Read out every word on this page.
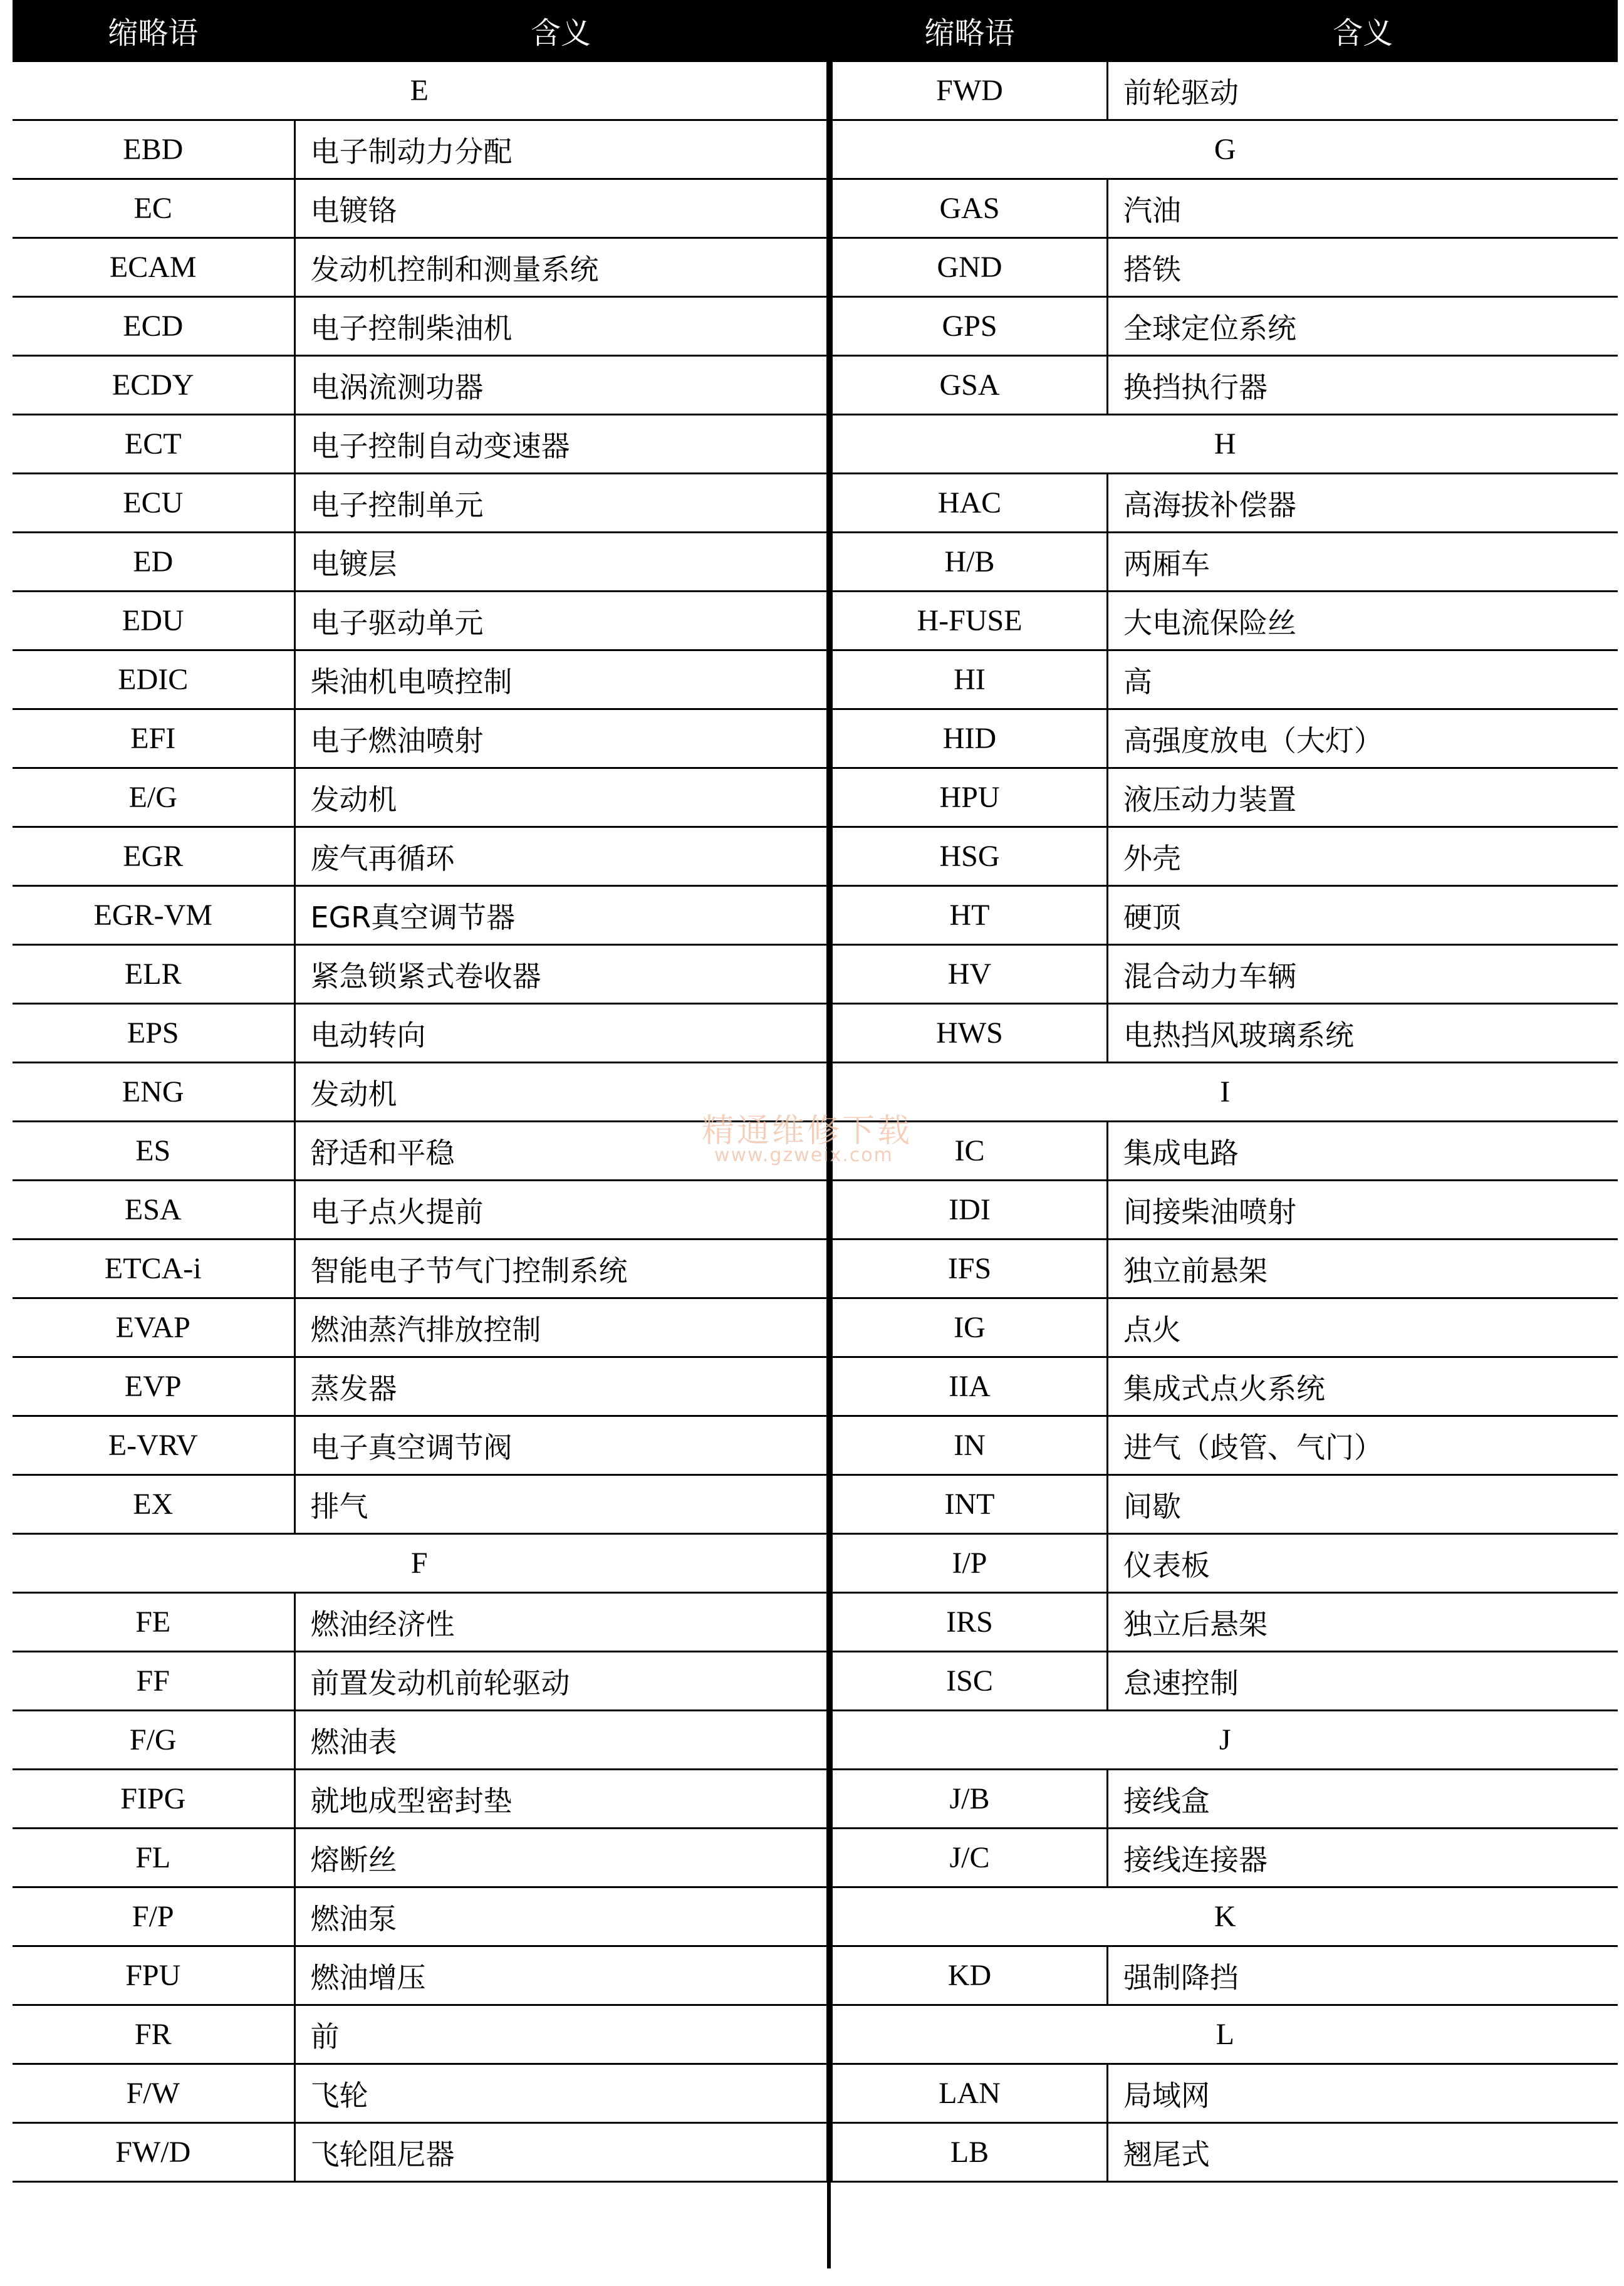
缩略语	含义
E	
EBD	电子制动力分配
EC	电镀铬
ECAM	发动机控制和测量系统
ECD	电子控制柴油机
ECDY	电涡流测功器
ECT	电子控制自动变速器
ECU	电子控制单元
ED	电镀层
EDU	电子驱动单元
EDIC	柴油机电喷控制
EFI	电子燃油喷射
E/G	发动机
EGR	废气再循环
EGR-VM	EGR真空调节器
ELR	紧急锁紧式卷收器
EPS	电动转向
ENG	发动机
ES	舒适和平稳
ESA	电子点火提前
ETCA-i	智能电子节气门控制系统
EVAP	燃油蒸汽排放控制
EVP	蒸发器
E-VRV	电子真空调节阀
EX	排气
F	
FE	燃油经济性
FF	前置发动机前轮驱动
F/G	燃油表
FIPG	就地成型密封垫
FL	熔断丝
F/P	燃油泵
FPU	燃油增压
FR	前
F/W	飞轮
FW/D	飞轮阻尼器
缩略语	含义
FWD	前轮驱动
G	
GAS	汽油
GND	搭铁
GPS	全球定位系统
GSA	换挡执行器
H	
HAC	高海拔补偿器
H/B	两厢车
H-FUSE	大电流保险丝
HI	高
HID	高强度放电（大灯）
HPU	液压动力装置
HSG	外壳
HT	硬顶
HV	混合动力车辆
HWS	电热挡风玻璃系统
I	
IC	集成电路
IDI	间接柴油喷射
IFS	独立前悬架
IG	点火
IIA	集成式点火系统
IN	进气（歧管、气门）
INT	间歇
I/P	仪表板
IRS	独立后悬架
ISC	怠速控制
J	
J/B	接线盒
J/C	接线连接器
K	
KD	强制降挡
L	
LAN	局域网
LB	翘尾式
精通维修下载
www.gzweix.com
